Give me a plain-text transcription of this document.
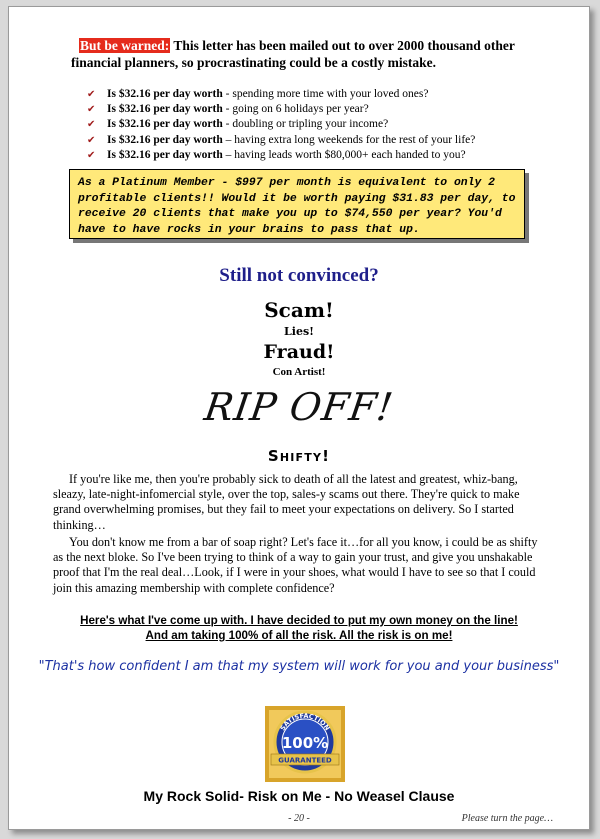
But be warned: This letter has been mailed out to over 2000 thousand other financial planners, so procrastinating could be a costly mistake.
✔ Is $32.16 per day worth - spending more time with your loved ones?
✔ Is $32.16 per day worth - going on 6 holidays per year?
✔ Is $32.16 per day worth - doubling or tripling your income?
✔ Is $32.16 per day worth – having extra long weekends for the rest of your life?
✔ Is $32.16 per day worth – having leads worth $80,000+ each handed to you?
As a Platinum Member - $997 per month is equivalent to only 2 profitable clients!! Would it be worth paying $31.83 per day, to receive 20 clients that make you up to $74,550 per year? You'd have to have rocks in your brains to pass that up.
Still not convinced?
Scam!
Lies!
Fraud!
Con Artist!
RIP OFF!
Shifty!
If you're like me, then you're probably sick to death of all the latest and greatest, whiz-bang, sleazy, late-night-infomercial style, over the top, sales-y scams out there. They're quick to make grand overwhelming promises, but they fail to meet your expectations on delivery. So I started thinking…
You don't know me from a bar of soap right? Let's face it…for all you know, i could be as shifty as the next bloke. So I've been trying to think of a way to gain your trust, and give you unshakable proof that I'm the real deal…Look, if I were in your shoes, what would I have to see so that I could join this amazing membership with complete confidence?
Here's what I've come up with. I have decided to put my own money on the line!
And am taking 100% of all the risk. All the risk is on me!
"That's how confident I am that my system will work for you and your business"
SATISFACTION
100%
GUARANTEED
My Rock Solid- Risk on Me - No Weasel Clause
- 20 -	Please turn the page…
